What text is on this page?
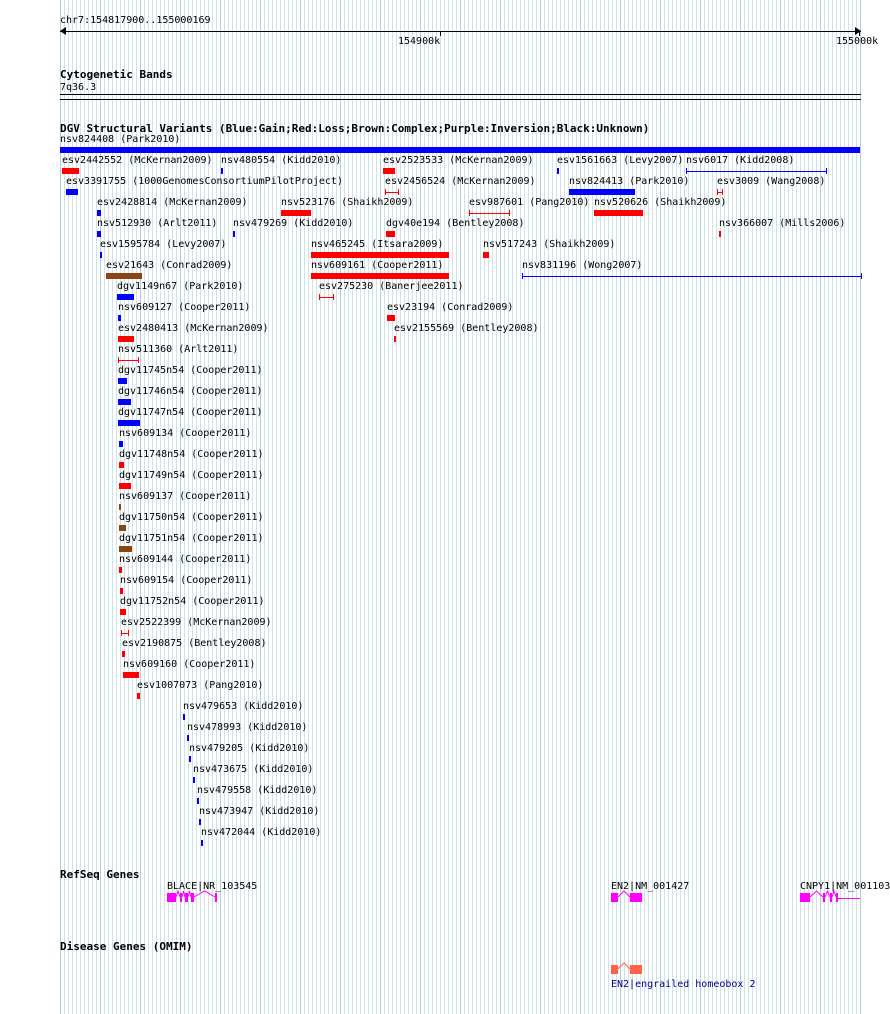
chr7:154817900..155000169
154900k	155000k
Cytogenetic Bands
7q36.3
DGV Structural Variants (Blue:Gain;Red:Loss;Brown:Complex;Purple:Inversion;Black:Unknown)
nsv824408 (Park2010)
esv2442552 (McKernan2009) nsv480554 (Kidd2010)	esv2523533 (McKernan2009) esv1561663 (Levy2007) nsv6017 (Kidd2008)
esv3391755 (1000GenomesConsortiumPilotProject)	esv2456524 (McKernan2009)	nsv824413 (Park2010)	esv3009 (Wang2008)
esv2428814 (McKernan2009)	nsv523176 (Shaikh2009)	esv987601 (Pang2010) nsv520626 (Shaikh2009)
nsv512930 (Arlt2011) nsv479269 (Kidd2010)	dgv40e194 (Bentley2008)	nsv366007 (Mills2006)
esv1595784 (Levy2007)	nsv465245 (Itsara2009)	nsv517243 (Shaikh2009)
esv21643 (Conrad2009)	nsv609161 (Cooper2011)	nsv831196 (Wong2007)
dgv1149n67 (Park2010)	esv275230 (Banerjee2011)
nsv609127 (Cooper2011)	esv23194 (Conrad2009)
esv2480413 (McKernan2009)	esv2155569 (Bentley2008)
nsv511360 (Arlt2011)
dgv11745n54 (Cooper2011)
dgv11746n54 (Cooper2011)
dgv11747n54 (Cooper2011)
nsv609134 (Cooper2011)
dgv11748n54 (Cooper2011)
dgv11749n54 (Cooper2011)
nsv609137 (Cooper2011)
dgv11750n54 (Cooper2011)
dgv11751n54 (Cooper2011)
nsv609144 (Cooper2011)
nsv609154 (Cooper2011)
dgv11752n54 (Cooper2011)
esv2522399 (McKernan2009)
esv2190875 (Bentley2008)
nsv609160 (Cooper2011)
esv1007073 (Pang2010)
nsv479653 (Kidd2010)
nsv478993 (Kidd2010)
nsv479205 (Kidd2010)
nsv473675 (Kidd2010)
nsv479558 (Kidd2010)
nsv473947 (Kidd2010)
nsv472044 (Kidd2010)
RefSeq Genes
BLACE|NR_103545	EN2|NM_001427	CNPY1|NM_001103
Disease Genes (OMIM)
EN2|engrailed homeobox 2
